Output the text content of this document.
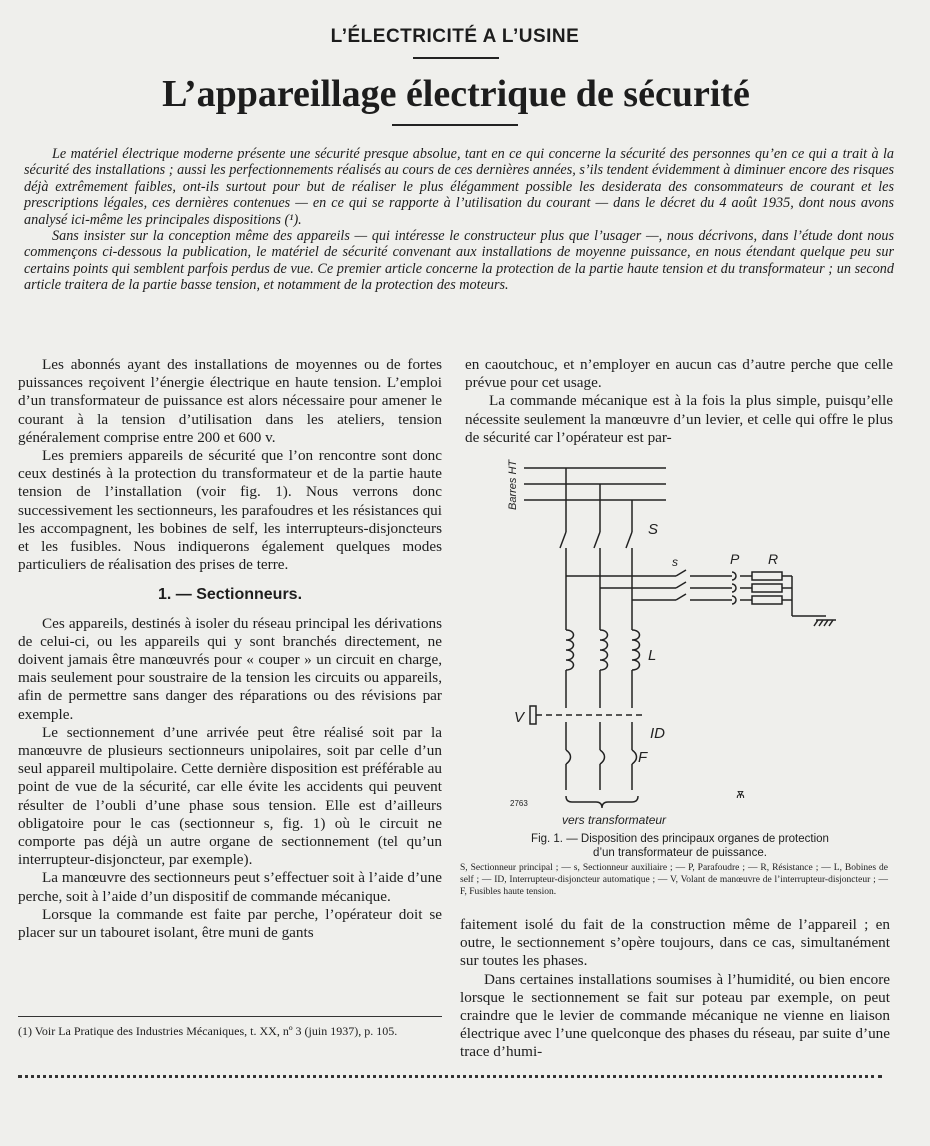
L’ÉLECTRICITÉ A L’USINE
L’appareillage électrique de sécurité

Le matériel électrique moderne présente une sécurité presque absolue, tant en ce qui concerne la sécurité des personnes qu’en ce qui a trait à la sécurité des installations ; aussi les perfectionnements réalisés au cours de ces dernières années, s’ils tendent évidemment à diminuer encore des risques déjà extrêmement faibles, ont-ils surtout pour but de réaliser le plus élégamment possible les desiderata des consommateurs de courant et les prescriptions légales, ces dernières contenues — en ce qui se rapporte à l’utilisation du courant — dans le décret du 4 août 1935, dont nous avons analysé ici-même les principales dispositions (¹).

Sans insister sur la conception même des appareils — qui intéresse le constructeur plus que l’usager —, nous décrivons, dans l’étude dont nous commençons ci-dessous la publication, le matériel de sécurité convenant aux installations de moyenne puissance, en nous étendant quelque peu sur certains points qui semblent parfois perdus de vue. Ce premier article concerne la protection de la partie haute tension et du transformateur ; un second article traitera de la partie basse tension, et notamment de la protection des moteurs.

Les abonnés ayant des installations de moyennes ou de fortes puissances reçoivent l’énergie électrique en haute tension. L’emploi d’un transformateur de puissance est alors nécessaire pour amener le courant à la tension d’utilisation dans les ateliers, tension généralement comprise entre 200 et 600 v.

Les premiers appareils de sécurité que l’on rencontre sont donc ceux destinés à la protection du transformateur et de la partie haute tension de l’installation (voir fig. 1). Nous verrons donc successivement les sectionneurs, les parafoudres et les résistances qui les accompagnent, les bobines de self, les interrupteurs-disjoncteurs et les fusibles. Nous indiquerons également quelques modes particuliers de réalisation des prises de terre.

1. — Sectionneurs.

Ces appareils, destinés à isoler du réseau principal les dérivations de celui-ci, ou les appareils qui y sont branchés directement, ne doivent jamais être manœuvrés pour « couper » un circuit en charge, mais seulement pour soustraire de la tension les circuits ou appareils, afin de permettre sans danger des réparations ou des révisions par exemple.

Le sectionnement d’une arrivée peut être réalisé soit par la manœuvre de plusieurs sectionneurs unipolaires, soit par celle d’un seul appareil multipolaire. Cette dernière disposition est préférable au point de vue de la sécurité, car elle évite les accidents qui peuvent résulter de l’oubli d’une phase sous tension. Elle est d’ailleurs obligatoire pour le cas (sectionneur s, fig. 1) où le circuit ne comporte pas déjà un autre organe de sectionnement (tel qu’un interrupteur-disjoncteur, par exemple).

La manœuvre des sectionneurs peut s’effectuer soit à l’aide d’une perche, soit à l’aide d’un dispositif de commande mécanique.

Lorsque la commande est faite par perche, l’opérateur doit se placer sur un tabouret isolant, être muni de gants

en caoutchouc, et n’employer en aucun cas d’autre perche que celle prévue pour cet usage.

La commande mécanique est à la fois la plus simple, puisqu’elle nécessite seulement la manœuvre d’un levier, et celle qui offre le plus de sécurité car l’opérateur est par-

Barres HT
S
s	P R
L
V
ID
F
2763
vers transformateur
ѫ
Fig. 1. — Disposition des principaux organes de protection
d’un transformateur de puissance.
S, Sectionneur principal ; — s, Sectionneur auxiliaire ; — P, Parafoudre ; — R, Résistance ; — L, Bobines de self ; — ID, Interrupteur-disjoncteur automatique ; — V, Volant de manœuvre de l’interrupteur-disjoncteur ; — F, Fusibles haute tension.

faitement isolé du fait de la construction même de l’appareil ; en outre, le sectionnement s’opère toujours, dans ce cas, simultanément sur toutes les phases.

Dans certaines installations soumises à l’humidité, ou bien encore lorsque le sectionnement se fait sur poteau par exemple, on peut craindre que le levier de commande mécanique ne vienne en liaison électrique avec l’une quelconque des phases du réseau, par suite d’une trace d’humi-

(1) Voir La Pratique des Industries Mécaniques, t. XX, nº 3 (juin 1937), p. 105.
